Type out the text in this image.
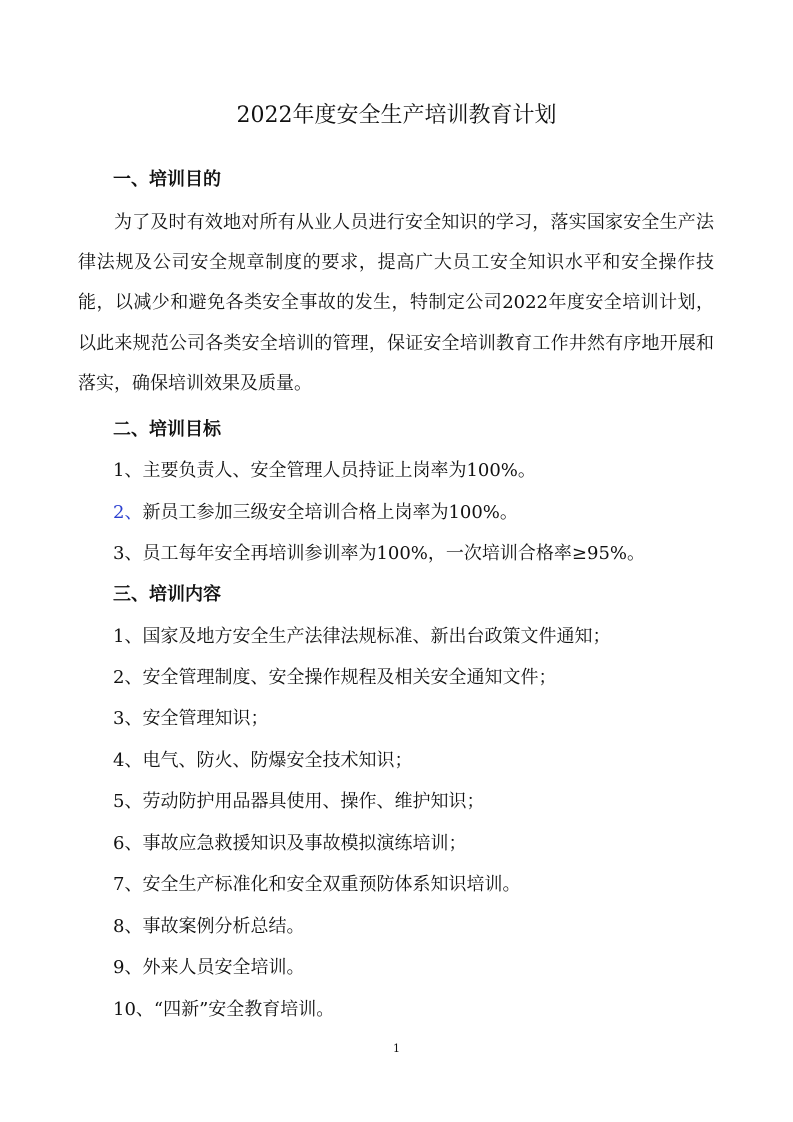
2022年度安全生产培训教育计划
一、培训目的

为了及时有效地对所有从业人员进行安全知识的学习，落实国家安全生产法律法规及公司安全规章制度的要求，提高广大员工安全知识水平和安全操作技能，以减少和避免各类安全事故的发生，特制定公司2022年度安全培训计划，以此来规范公司各类安全培训的管理，保证安全培训教育工作井然有序地开展和落实，确保培训效果及质量。

二、培训目标
1、主要负责人、安全管理人员持证上岗率为100%。
2、新员工参加三级安全培训合格上岗率为100%。
3、员工每年安全再培训参训率为100%，一次培训合格率≥95%。
三、培训内容
1、国家及地方安全生产法律法规标准、新出台政策文件通知；
2、安全管理制度、安全操作规程及相关安全通知文件；
3、安全管理知识；
4、电气、防火、防爆安全技术知识；
5、劳动防护用品器具使用、操作、维护知识；
6、事故应急救援知识及事故模拟演练培训；
7、安全生产标准化和安全双重预防体系知识培训。
8、事故案例分析总结。
9、外来人员安全培训。
10、“四新”安全教育培训。
1
